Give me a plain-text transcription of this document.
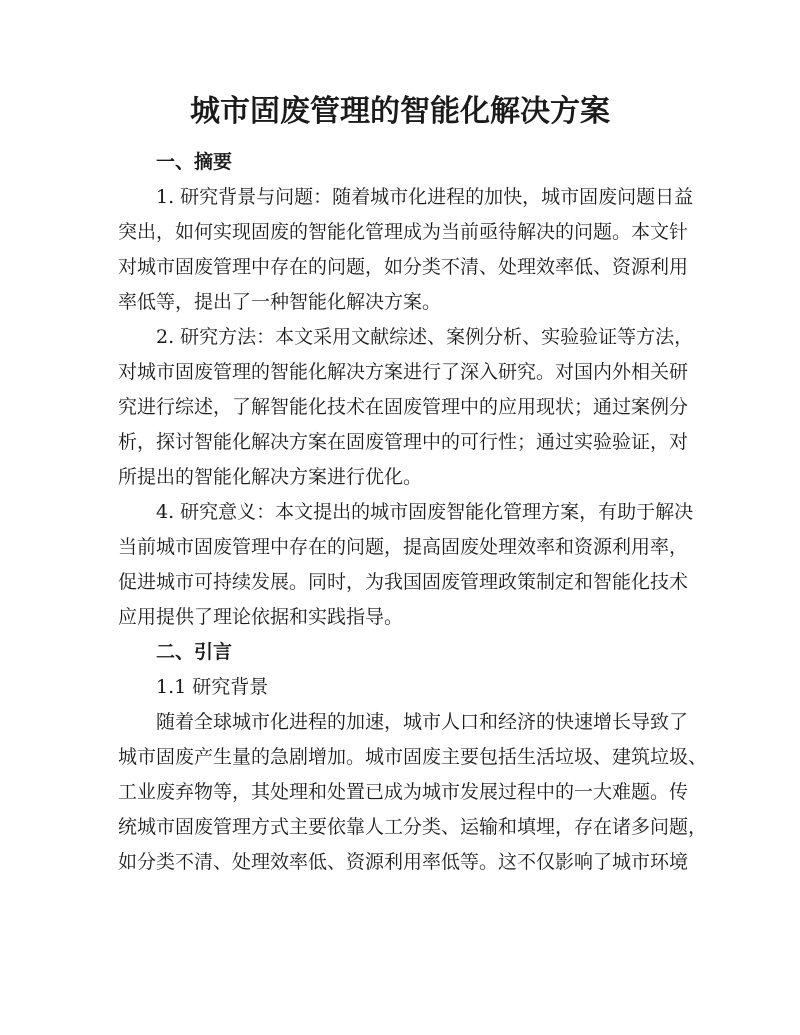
城市固废管理的智能化解决方案
一、摘要
1. 研究背景与问题：随着城市化进程的加快，城市固废问题日益
突出，如何实现固废的智能化管理成为当前亟待解决的问题。本文针
对城市固废管理中存在的问题，如分类不清、处理效率低、资源利用
率低等，提出了一种智能化解决方案。
2. 研究方法：本文采用文献综述、案例分析、实验验证等方法，
对城市固废管理的智能化解决方案进行了深入研究。对国内外相关研
究进行综述，了解智能化技术在固废管理中的应用现状；通过案例分
析，探讨智能化解决方案在固废管理中的可行性；通过实验验证，对
所提出的智能化解决方案进行优化。
4. 研究意义：本文提出的城市固废智能化管理方案，有助于解决
当前城市固废管理中存在的问题，提高固废处理效率和资源利用率，
促进城市可持续发展。同时，为我国固废管理政策制定和智能化技术
应用提供了理论依据和实践指导。
二、引言
1.1 研究背景
随着全球城市化进程的加速，城市人口和经济的快速增长导致了
城市固废产生量的急剧增加。城市固废主要包括生活垃圾、建筑垃圾、
工业废弃物等，其处理和处置已成为城市发展过程中的一大难题。传
统城市固废管理方式主要依靠人工分类、运输和填埋，存在诸多问题，
如分类不清、处理效率低、资源利用率低等。这不仅影响了城市环境
